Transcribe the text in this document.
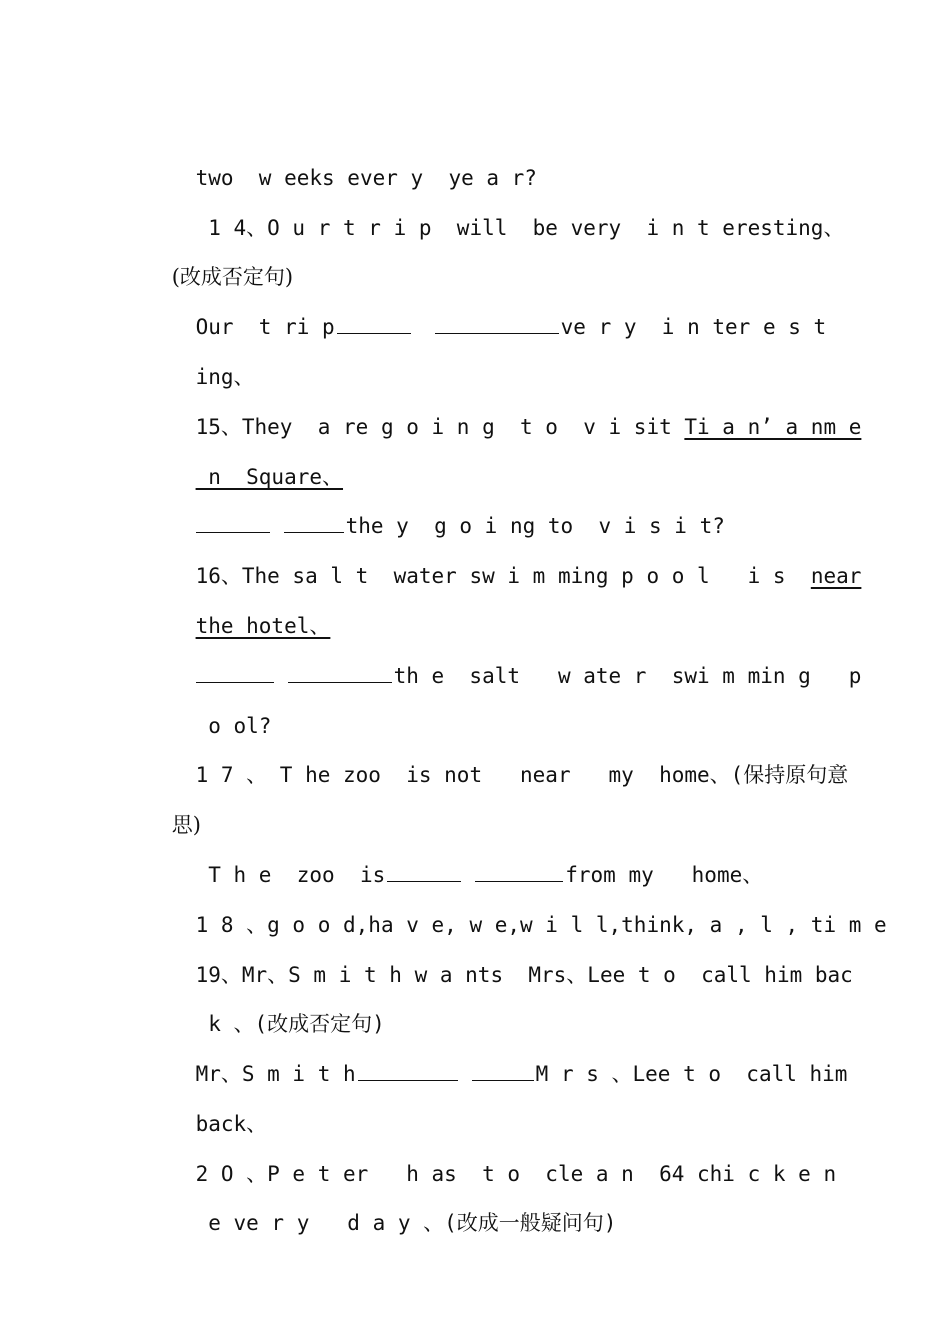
two  w eeks ever y  ye a r?

1 4、O u r t r i p  will  be very  i n t eresting、

(改成否定句)

Our  t ri p	ve r y  i n ter e s t

ing、

15、They  a re g o i n g  t o  v i sit Ti a n’ a nm e

n  Square、

the y  g o i ng to  v i s i t?

16、The sa l t  water sw i m ming p o o l   i s  near

the hotel、

th e  salt   w ate r  swi m min g   p

o ol?

1 7 、 T he zoo  is not   near   my  home、(保持原句意

思)

T h e  zoo  is	from my   home、

1 8 、g o o d,ha v e, w e,w i l l,think, a , l , ti m e

19、Mr、S m i t h w a nts  Mrs、Lee t o  call him bac

k 、(改成否定句)

Mr、S m i t h	M r s 、Lee t o  call him

back、

2 O 、P e t er   h as  t o  cle a n  64 chi c k e n

e ve r y   d a y 、(改成一般疑问句)
